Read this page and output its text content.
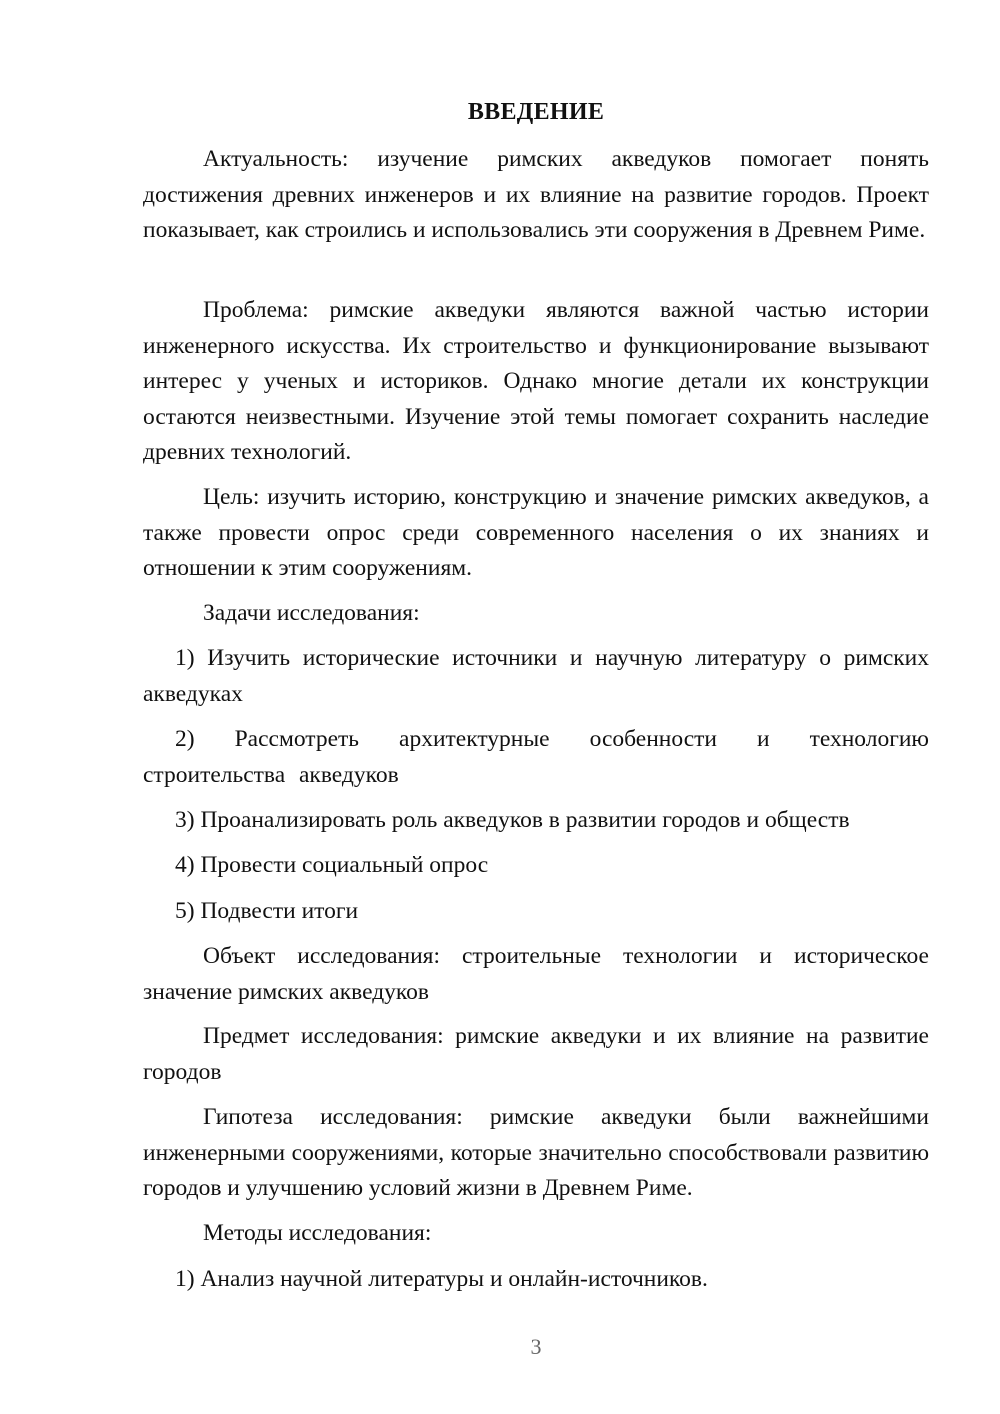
ВВЕДЕНИЕ

Актуальность: изучение римских акведуков помогает понять достижения древних инженеров и их влияние на развитие городов. Проект показывает, как строились и использовались эти сооружения в Древнем Риме.

Проблема: римские акведуки являются важной частью истории инженерного искусства. Их строительство и функционирование вызывают интерес у ученых и историков. Однако многие детали их конструкции остаются неизвестными. Изучение этой темы помогает сохранить наследие древних технологий.

Цель: изучить историю, конструкцию и значение римских акведуков, а также провести опрос среди современного населения о их знаниях и отношении к этим сооружениям.

Задачи исследования:

1) Изучить исторические источники и научную литературу о римских акведуках

2) Рассмотреть архитектурные особенности и технологию строительства акведуков

3) Проанализировать роль акведуков в развитии городов и обществ

4) Провести социальный опрос

5) Подвести итоги

Объект исследования: строительные технологии и историческое значение римских акведуков

Предмет исследования: римские акведуки и их влияние на развитие городов

Гипотеза исследования: римские акведуки были важнейшими инженерными сооружениями, которые значительно способствовали развитию городов и улучшению условий жизни в Древнем Риме.

Методы исследования:

1) Анализ научной литературы и онлайн-источников.

3
